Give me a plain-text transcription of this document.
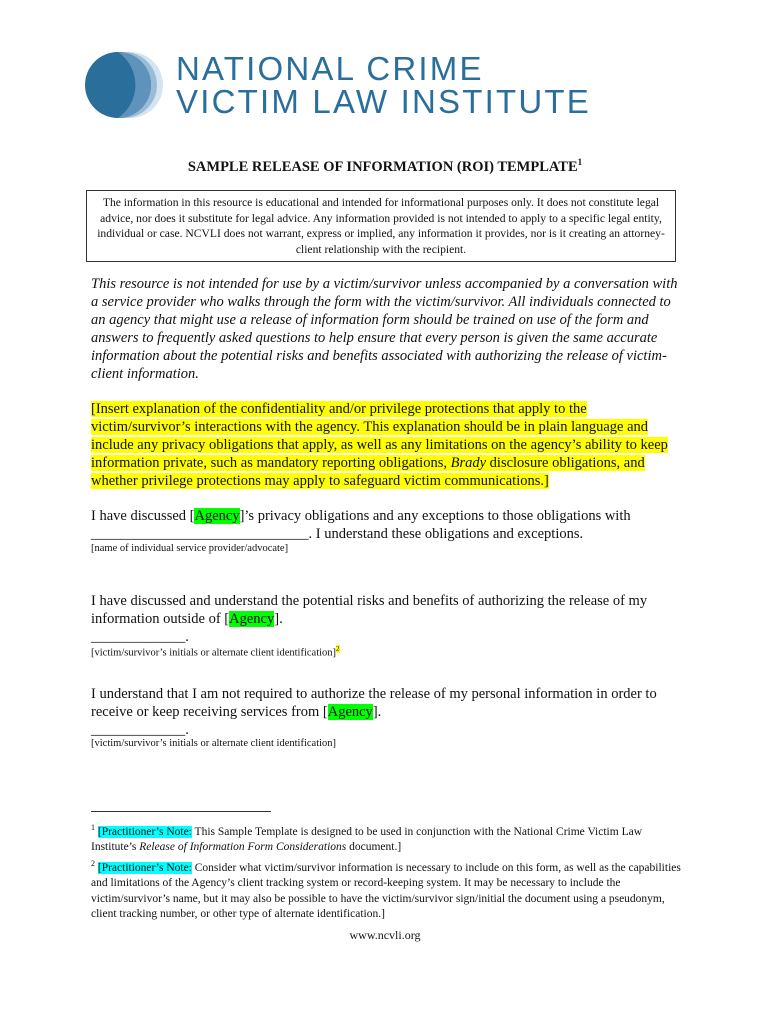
NATIONAL CRIME
VICTIM LAW INSTITUTE
SAMPLE RELEASE OF INFORMATION (ROI) TEMPLATE$^1$
The information in this resource is educational and intended for informational purposes only. It does not constitute legal advice, nor does it substitute for legal advice. Any information provided is not intended to apply to a specific legal entity, individual or case. NCVLI does not warrant, express or implied, any information it provides, nor is it creating an attorney-client relationship with the recipient.
This resource is not intended for use by a victim/survivor unless accompanied by a conversation with a service provider who walks through the form with the victim/survivor. All individuals connected to an agency that might use a release of information form should be trained on use of the form and answers to frequently asked questions to help ensure that every person is given the same accurate information about the potential risks and benefits associated with authorizing the release of victim-client information.
[Insert explanation of the confidentiality and/or privilege protections that apply to the victim/survivor’s interactions with the agency. This explanation should be in plain language and include any privacy obligations that apply, as well as any limitations on the agency’s ability to keep information private, such as mandatory reporting obligations, Brady disclosure obligations, and whether privilege protections may apply to safeguard victim communications.]
I have discussed [Agency]’s privacy obligations and any exceptions to those obligations with
______________________________. I understand these obligations and exceptions.
[name of individual service provider/advocate]
I have discussed and understand the potential risks and benefits of authorizing the release of my information outside of [Agency].
_____________.
[victim/survivor’s initials or alternate client identification]$^2$
I understand that I am not required to authorize the release of my personal information in order to receive or keep receiving services from [Agency].
_____________.
[victim/survivor’s initials or alternate client identification]
$^1$ [Practitioner’s Note: This Sample Template is designed to be used in conjunction with the National Crime Victim Law Institute’s Release of Information Form Considerations document.]
$^2$ [Practitioner’s Note: Consider what victim/survivor information is necessary to include on this form, as well as the capabilities and limitations of the Agency’s client tracking system or record-keeping system. It may be necessary to include the victim/survivor’s name, but it may also be possible to have the victim/survivor sign/initial the document using a pseudonym, client tracking number, or other type of alternate identification.]
www.ncvli.org
